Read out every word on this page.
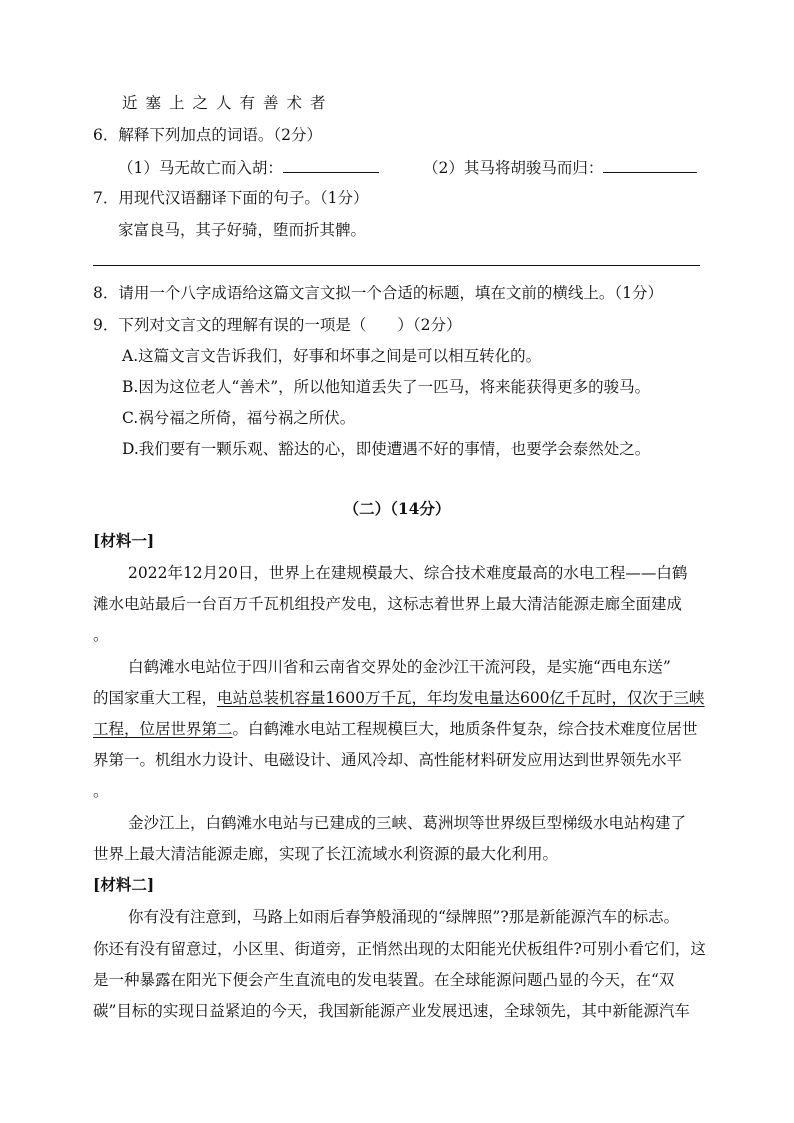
近塞上之人有善术者
6．解释下列加点的词语。（2分）
（1）马无故亡而入胡：	（2）其马将胡骏马而归：
7．用现代汉语翻译下面的句子。（1分）
家富良马，其子好骑，堕而折其髀。
8．请用一个八字成语给这篇文言文拟一个合适的标题，填在文前的横线上。（1分）
9．下列对文言文的理解有误的一项是（　　）（2分）
A.这篇文言文告诉我们，好事和坏事之间是可以相互转化的。
B.因为这位老人“善术”，所以他知道丢失了一匹马，将来能获得更多的骏马。
C.祸兮福之所倚，福兮祸之所伏。
D.我们要有一颗乐观、豁达的心，即使遭遇不好的事情，也要学会泰然处之。
（二）（14分）
[材料一]
2022年12月20日，世界上在建规模最大、综合技术难度最高的水电工程——白鹤
滩水电站最后一台百万千瓦机组投产发电，这标志着世界上最大清洁能源走廊全面建成
。
白鹤滩水电站位于四川省和云南省交界处的金沙江干流河段，是实施“西电东送”
的国家重大工程，电站总装机容量1600万千瓦，年均发电量达600亿千瓦时，仅次于三峡
工程，位居世界第二。白鹤滩水电站工程规模巨大，地质条件复杂，综合技术难度位居世
界第一。机组水力设计、电磁设计、通风冷却、高性能材料研发应用达到世界领先水平
。
金沙江上，白鹤滩水电站与已建成的三峡、葛洲坝等世界级巨型梯级水电站构建了
世界上最大清洁能源走廊，实现了长江流域水利资源的最大化利用。
[材料二]
你有没有注意到，马路上如雨后春笋般涌现的“绿牌照”?那是新能源汽车的标志。
你还有没有留意过，小区里、街道旁，正悄然出现的太阳能光伏板组件?可别小看它们，这
是一种暴露在阳光下便会产生直流电的发电装置。在全球能源问题凸显的今天，在“双
碳”目标的实现日益紧迫的今天，我国新能源产业发展迅速，全球领先，其中新能源汽车
